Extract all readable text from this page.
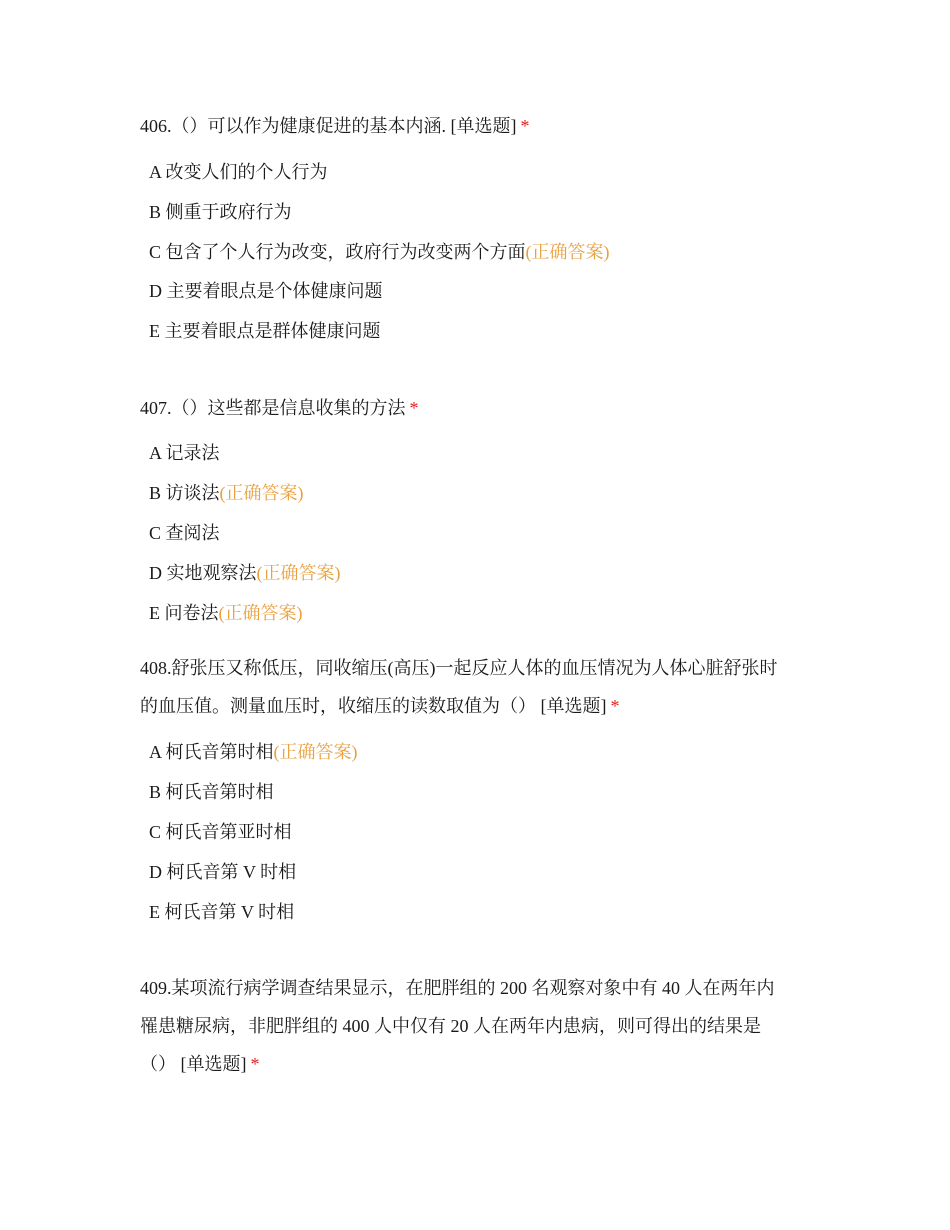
406.（）可以作为健康促进的基本内涵. [单选题] *
A 改变人们的个人行为
B 侧重于政府行为
C 包含了个人行为改变，政府行为改变两个方面(正确答案)
D 主要着眼点是个体健康问题
E 主要着眼点是群体健康问题
407.（）这些都是信息收集的方法 *
A 记录法
B 访谈法(正确答案)
C 查阅法
D 实地观察法(正确答案)
E 问卷法(正确答案)
408.舒张压又称低压，同收缩压(高压)一起反应人体的血压情况为人体心脏舒张时
的血压值。测量血压时，收缩压的读数取值为（） [单选题] *
A 柯氏音第时相(正确答案)
B 柯氏音第时相
C 柯氏音第亚时相
D 柯氏音第 V 时相
E 柯氏音第 V 时相
409.某项流行病学调查结果显示，在肥胖组的 200 名观察对象中有 40 人在两年内
罹患糖尿病，非肥胖组的 400 人中仅有 20 人在两年内患病，则可得出的结果是
（） [单选题] *
